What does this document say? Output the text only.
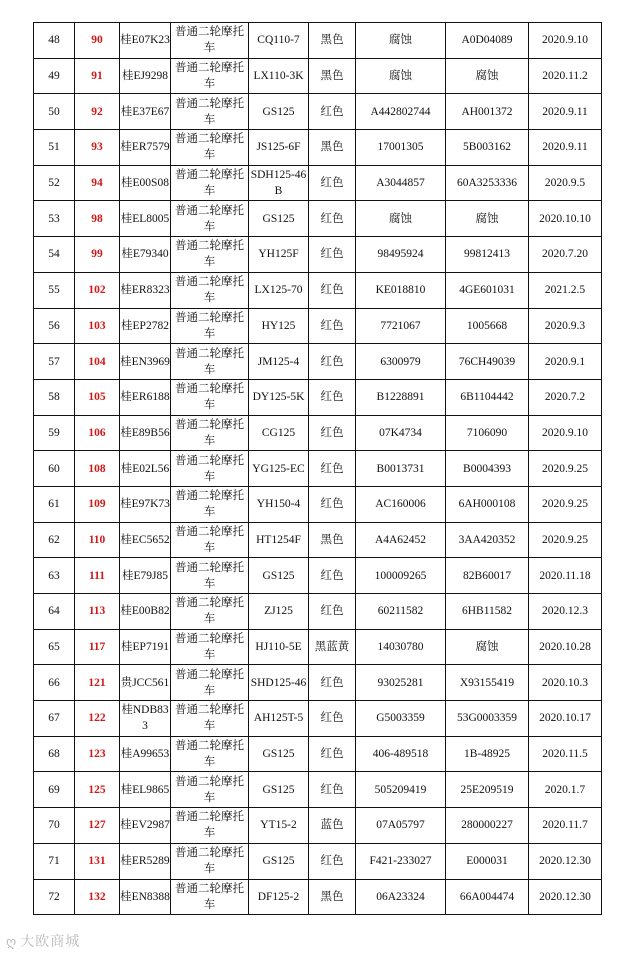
48	90	桂E07K23	普通二轮摩托车	CQ110-7	黑色	腐蚀	A0D04089	2020.9.10
49	91	桂EJ9298	普通二轮摩托车	LX110-3K	黑色	腐蚀	腐蚀	2020.11.2
50	92	桂E37E67	普通二轮摩托车	GS125	红色	A442802744	AH001372	2020.9.11
51	93	桂ER7579	普通二轮摩托车	JS125-6F	黑色	17001305	5B003162	2020.9.11
52	94	桂E00S08	普通二轮摩托车	SDH125-46B	红色	A3044857	60A3253336	2020.9.5
53	98	桂EL8005	普通二轮摩托车	GS125	红色	腐蚀	腐蚀	2020.10.10
54	99	桂E79340	普通二轮摩托车	YH125F	红色	98495924	99812413	2020.7.20
55	102	桂ER8323	普通二轮摩托车	LX125-70	红色	KE018810	4GE601031	2021.2.5
56	103	桂EP2782	普通二轮摩托车	HY125	红色	7721067	1005668	2020.9.3
57	104	桂EN3969	普通二轮摩托车	JM125-4	红色	6300979	76CH49039	2020.9.1
58	105	桂ER6188	普通二轮摩托车	DY125-5K	红色	B1228891	6B1104442	2020.7.2
59	106	桂E89B56	普通二轮摩托车	CG125	红色	07K4734	7106090	2020.9.10
60	108	桂E02L56	普通二轮摩托车	YG125-EC	红色	B0013731	B0004393	2020.9.25
61	109	桂E97K73	普通二轮摩托车	YH150-4	红色	AC160006	6AH000108	2020.9.25
62	110	桂EC5652	普通二轮摩托车	HT1254F	黑色	A4A62452	3AA420352	2020.9.25
63	111	桂E79J85	普通二轮摩托车	GS125	红色	100009265	82B60017	2020.11.18
64	113	桂E00B82	普通二轮摩托车	ZJ125	红色	60211582	6HB11582	2020.12.3
65	117	桂EP7191	普通二轮摩托车	HJ110-5E	黑蓝黄	14030780	腐蚀	2020.10.28
66	121	贵JCC561	普通二轮摩托车	SHD125-46	红色	93025281	X93155419	2020.10.3
67	122	桂NDB833	普通二轮摩托车	AH125T-5	红色	G5003359	53G0003359	2020.10.17
68	123	桂A99653	普通二轮摩托车	GS125	红色	406-489518	1B-48925	2020.11.5
69	125	桂EL9865	普通二轮摩托车	GS125	红色	505209419	25E209519	2020.1.7
70	127	桂EV2987	普通二轮摩托车	YT15-2	蓝色	07A05797	280000227	2020.11.7
71	131	桂ER5289	普通二轮摩托车	GS125	红色	F421-233027	E000031	2020.12.30
72	132	桂EN8388	普通二轮摩托车	DF125-2	黑色	06A23324	66A004474	2020.12.30
ღ 大欧商城
